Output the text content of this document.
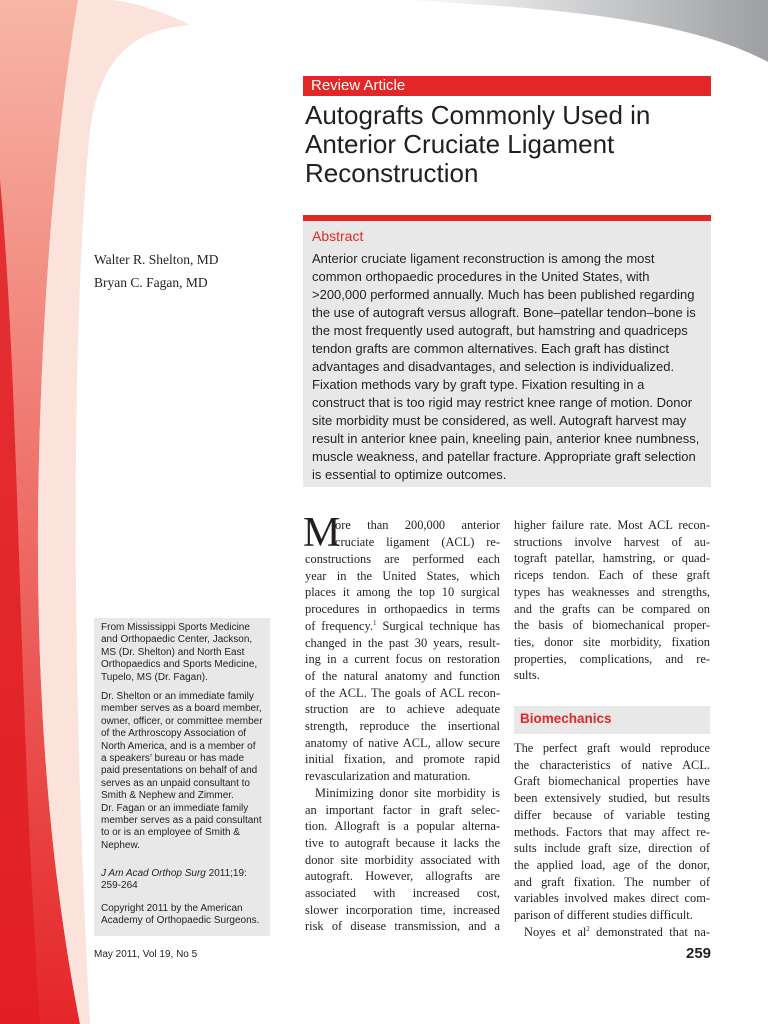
Review Article
Autografts Commonly Used in
Anterior Cruciate Ligament
Reconstruction
Abstract
Anterior cruciate ligament reconstruction is among the most
common orthopaedic procedures in the United States, with
>200,000 performed annually. Much has been published regarding
the use of autograft versus allograft. Bone–patellar tendon–bone is
the most frequently used autograft, but hamstring and quadriceps
tendon grafts are common alternatives. Each graft has distinct
advantages and disadvantages, and selection is individualized.
Fixation methods vary by graft type. Fixation resulting in a
construct that is too rigid may restrict knee range of motion. Donor
site morbidity must be considered, as well. Autograft harvest may
result in anterior knee pain, kneeling pain, anterior knee numbness,
muscle weakness, and patellar fracture. Appropriate graft selection
is essential to optimize outcomes.
Walter R. Shelton, MD
Bryan C. Fagan, MD
From Mississippi Sports Medicine
and Orthopaedic Center, Jackson,
MS (Dr. Shelton) and North East
Orthopaedics and Sports Medicine,
Tupelo, MS (Dr. Fagan).
Dr. Shelton or an immediate family
member serves as a board member,
owner, officer, or committee member
of the Arthroscopy Association of
North America, and is a member of
a speakers’ bureau or has made
paid presentations on behalf of and
serves as an unpaid consultant to
Smith & Nephew and Zimmer.
Dr. Fagan or an immediate family
member serves as a paid consultant
to or is an employee of Smith &
Nephew.
J Am Acad Orthop Surg 2011;19:
259-264
Copyright 2011 by the American
Academy of Orthopaedic Surgeons.
M
ore than 200,000 anterior
cruciate ligament (ACL) re-
constructions are performed each
year in the United States, which
places it among the top 10 surgical
procedures in orthopaedics in terms
of frequency.$^1$ Surgical technique has
changed in the past 30 years, result-
ing in a current focus on restoration
of the natural anatomy and function
of the ACL. The goals of ACL recon-
struction are to achieve adequate
strength, reproduce the insertional
anatomy of native ACL, allow secure
initial fixation, and promote rapid
revascularization and maturation.
Minimizing donor site morbidity is
an important factor in graft selec-
tion. Allograft is a popular alterna-
tive to autograft because it lacks the
donor site morbidity associated with
autograft. However, allografts are
associated with increased cost,
slower incorporation time, increased
risk of disease transmission, and a
higher failure rate. Most ACL recon-
structions involve harvest of au-
tograft patellar, hamstring, or quad-
riceps tendon. Each of these graft
types has weaknesses and strengths,
and the grafts can be compared on
the basis of biomechanical proper-
ties, donor site morbidity, fixation
properties, complications, and re-
sults.
Biomechanics
The perfect graft would reproduce
the characteristics of native ACL.
Graft biomechanical properties have
been extensively studied, but results
differ because of variable testing
methods. Factors that may affect re-
sults include graft size, direction of
the applied load, age of the donor,
and graft fixation. The number of
variables involved makes direct com-
parison of different studies difficult.
Noyes et $al^2$ demonstrated that na-
May 2011, Vol 19, No 5	259
